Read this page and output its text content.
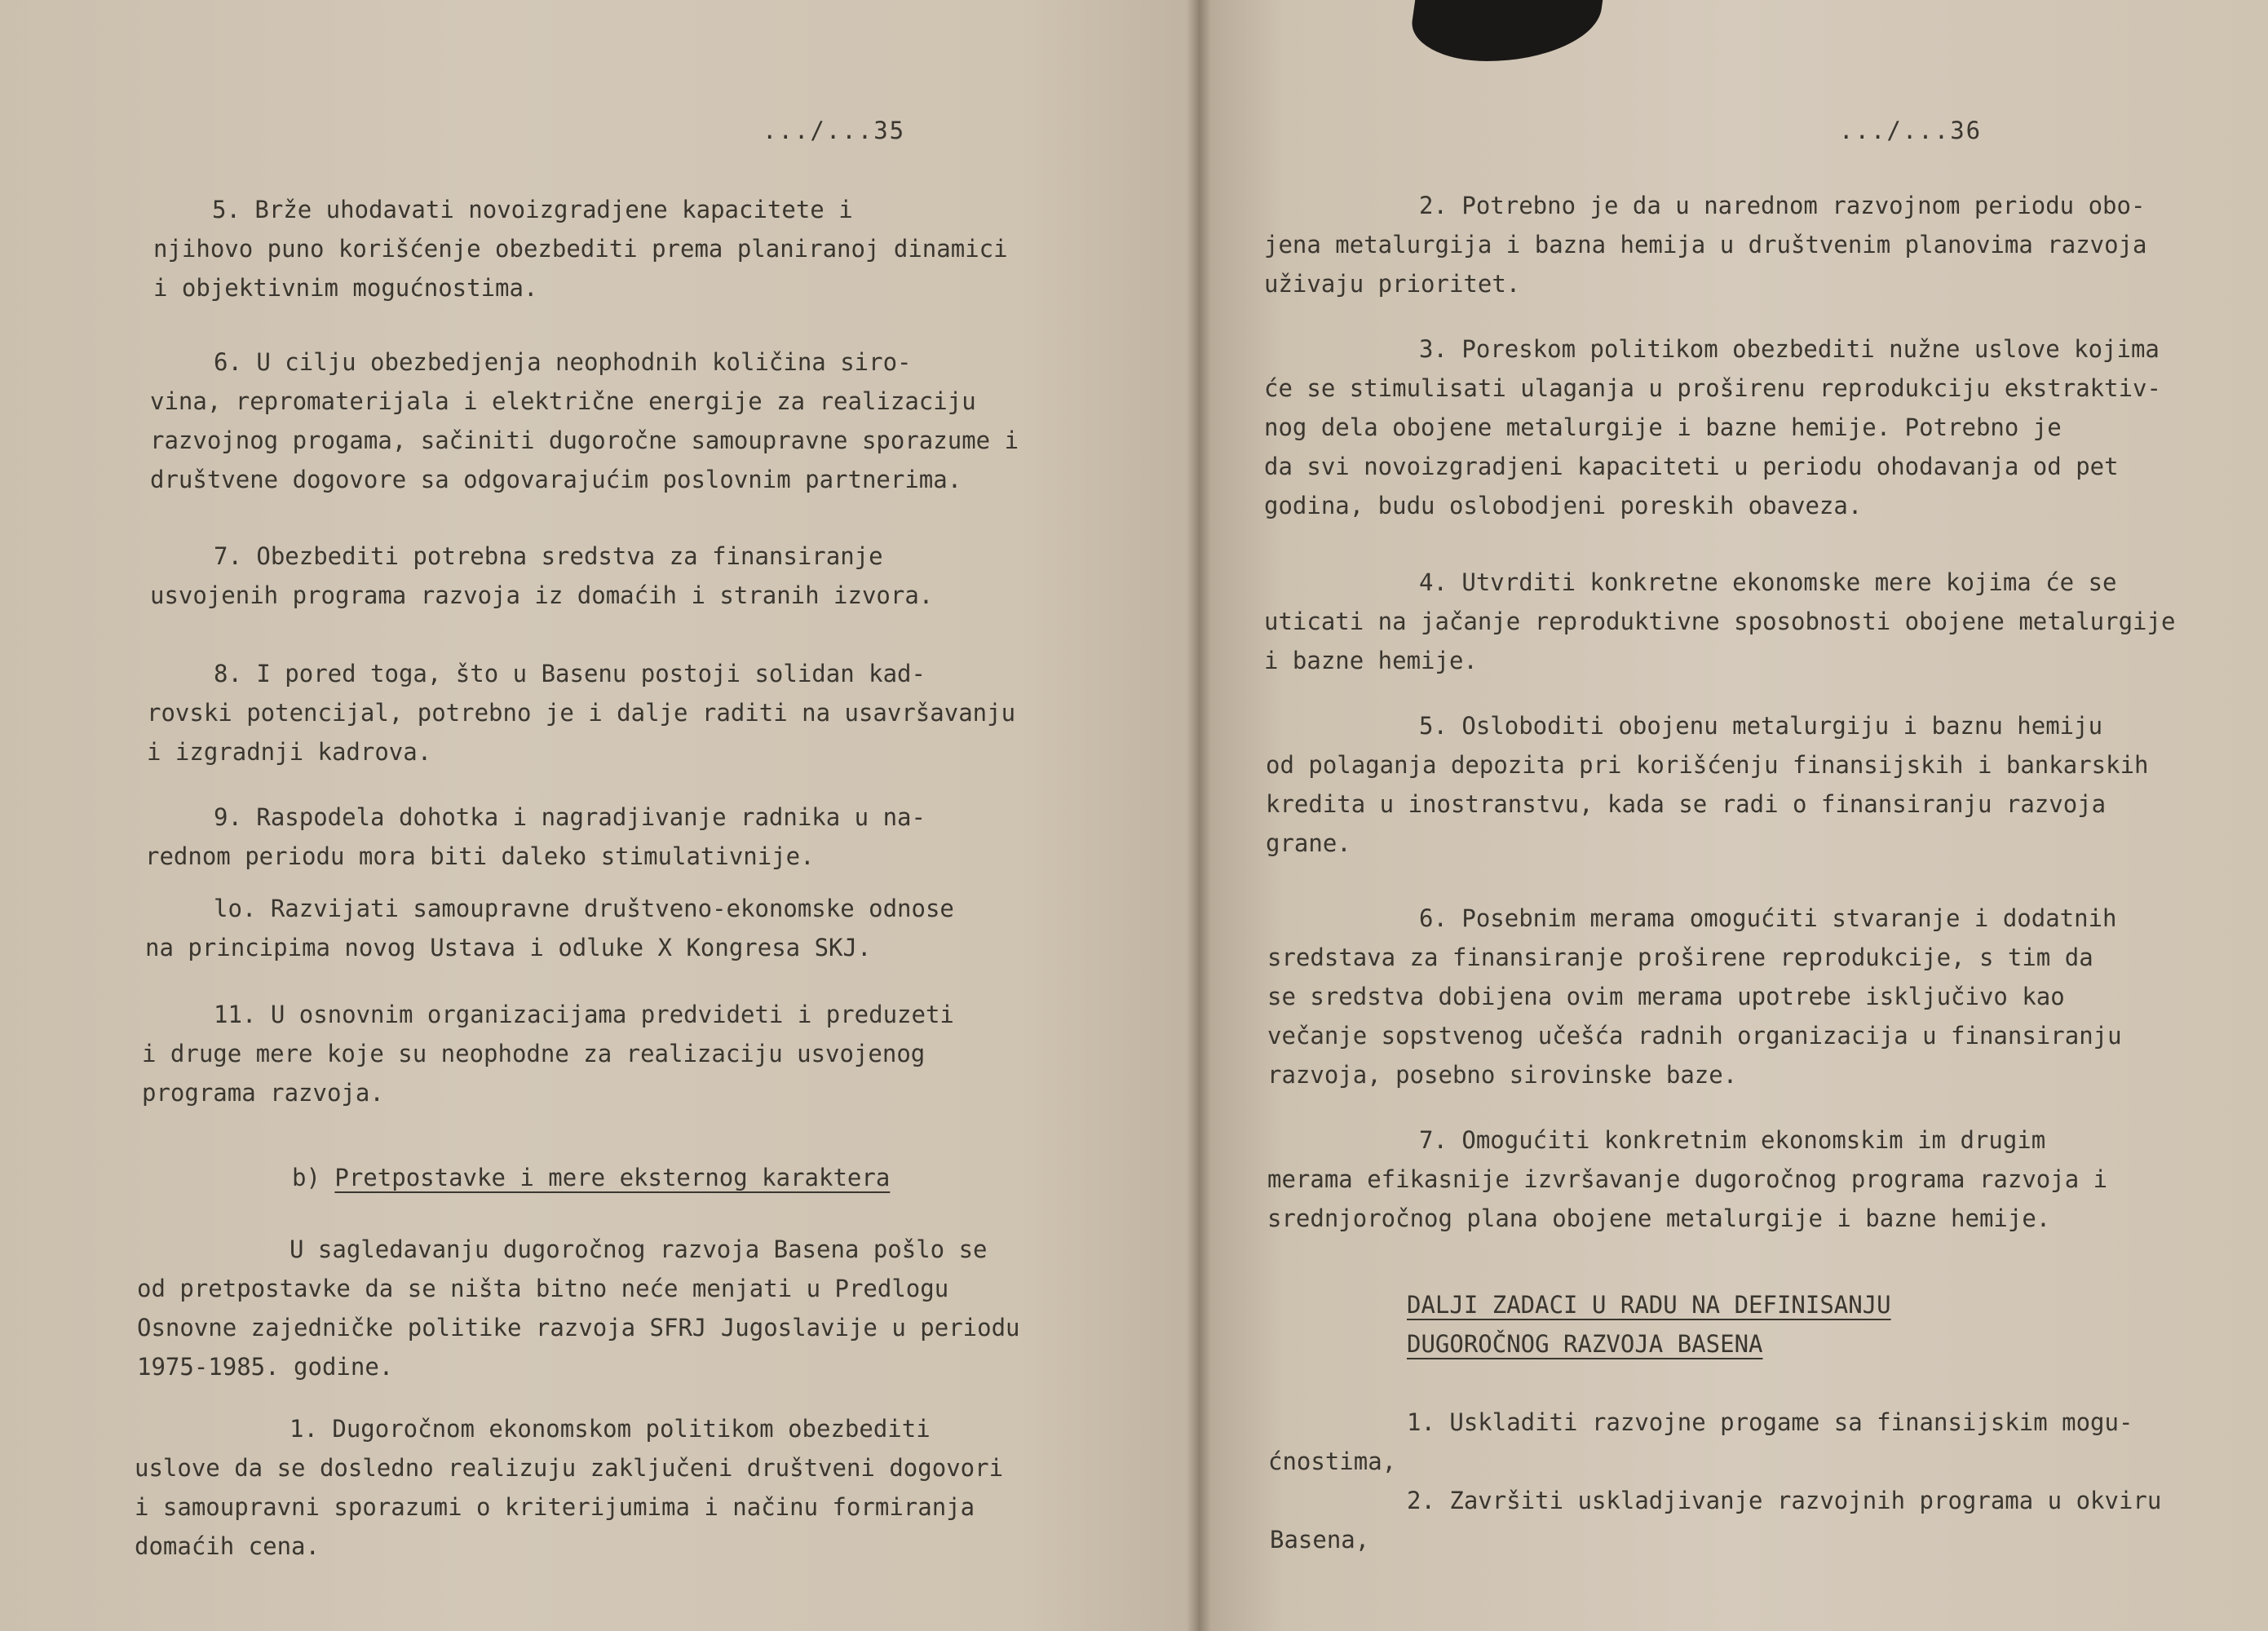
.../...35
5. Brže uhodavati novoizgradjene kapacitete i
njihovo puno korišćenje obezbediti prema planiranoj dinamici
i objektivnim mogućnostima.
6. U cilju obezbedjenja neophodnih količina siro-
vina, repromaterijala i električne energije za realizaciju
razvojnog progama, sačiniti dugoročne samoupravne sporazume i
društvene dogovore sa odgovarajućim poslovnim partnerima.
7. Obezbediti potrebna sredstva za finansiranje
usvojenih programa razvoja iz domaćih i stranih izvora.
8. I pored toga, što u Basenu postoji solidan kad-
rovski potencijal, potrebno je i dalje raditi na usavršavanju
i izgradnji kadrova.
9. Raspodela dohotka i nagradjivanje radnika u na-
rednom periodu mora biti daleko stimulativnije.
lo. Razvijati samoupravne društveno-ekonomske odnose
na principima novog Ustava i odluke X Kongresa SKJ.
11. U osnovnim organizacijama predvideti i preduzeti
i druge mere koje su neophodne za realizaciju usvojenog
programa razvoja.
b) Pretpostavke i mere eksternog karaktera
U sagledavanju dugoročnog razvoja Basena pošlo se
od pretpostavke da se ništa bitno neće menjati u Predlogu
Osnovne zajedničke politike razvoja SFRJ Jugoslavije u periodu
1975-1985. godine.
1. Dugoročnom ekonomskom politikom obezbediti
uslove da se dosledno realizuju zaključeni društveni dogovori
i samoupravni sporazumi o kriterijumima i načinu formiranja
domaćih cena.
.../...36
2. Potrebno je da u narednom razvojnom periodu obo-
jena metalurgija i bazna hemija u društvenim planovima razvoja
uživaju prioritet.
3. Poreskom politikom obezbediti nužne uslove kojima
će se stimulisati ulaganja u proširenu reprodukciju ekstraktiv-
nog dela obojene metalurgije i bazne hemije. Potrebno je
da svi novoizgradjeni kapaciteti u periodu ohodavanja od pet
godina, budu oslobodjeni poreskih obaveza.
4. Utvrditi konkretne ekonomske mere kojima će se
uticati na jačanje reproduktivne sposobnosti obojene metalurgije
i bazne hemije.
5. Osloboditi obojenu metalurgiju i baznu hemiju
od polaganja depozita pri korišćenju finansijskih i bankarskih
kredita u inostranstvu, kada se radi o finansiranju razvoja
grane.
6. Posebnim merama omogućiti stvaranje i dodatnih
sredstava za finansiranje proširene reprodukcije, s tim da
se sredstva dobijena ovim merama upotrebe isključivo kao
večanje sopstvenog učešća radnih organizacija u finansiranju
razvoja, posebno sirovinske baze.
7. Omogućiti konkretnim ekonomskim im drugim
merama efikasnije izvršavanje dugoročnog programa razvoja i
srednjoročnog plana obojene metalurgije i bazne hemije.
DALJI ZADACI U RADU NA DEFINISANJU
DUGOROČNOG RAZVOJA BASENA
1. Uskladiti razvojne progame sa finansijskim mogu-
ćnostima,
2. Završiti uskladjivanje razvojnih programa u okviru
Basena,
